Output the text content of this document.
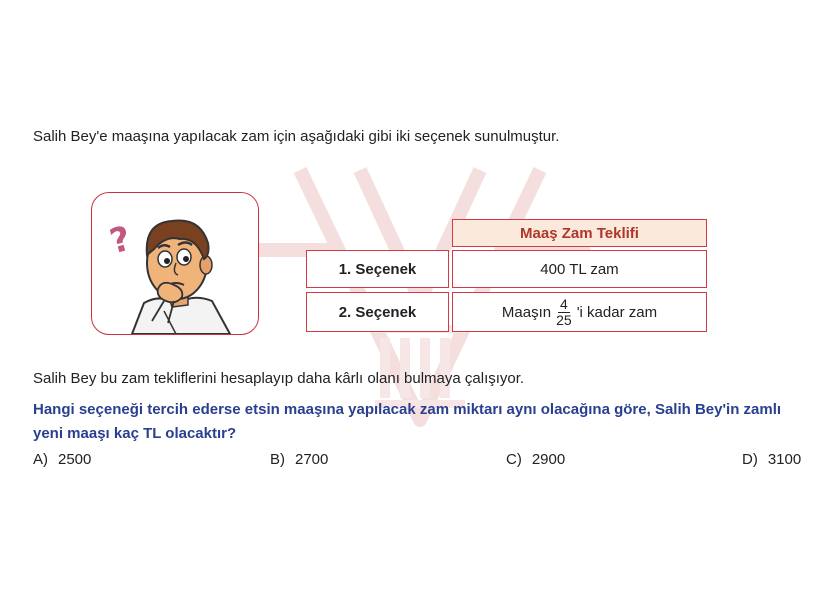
Salih Bey'e maaşına yapılacak zam için aşağıdaki gibi iki seçenek sunulmuştur.
?	Maaş Zam Teklifi
1. Seçenek	400 TL zam
2. Seçenek	Maaşın $\frac{4}{25}$ 'i kadar zam
Salih Bey bu zam tekliflerini hesaplayıp daha kârlı olanı bulmaya çalışıyor.
Hangi seçeneği tercih ederse etsin maaşına yapılacak zam miktarı aynı olacağına göre, Salih Bey'in zamlı yeni maaşı kaç TL olacaktır?
A) 2500	B) 2700	C) 2900	D) 3100
